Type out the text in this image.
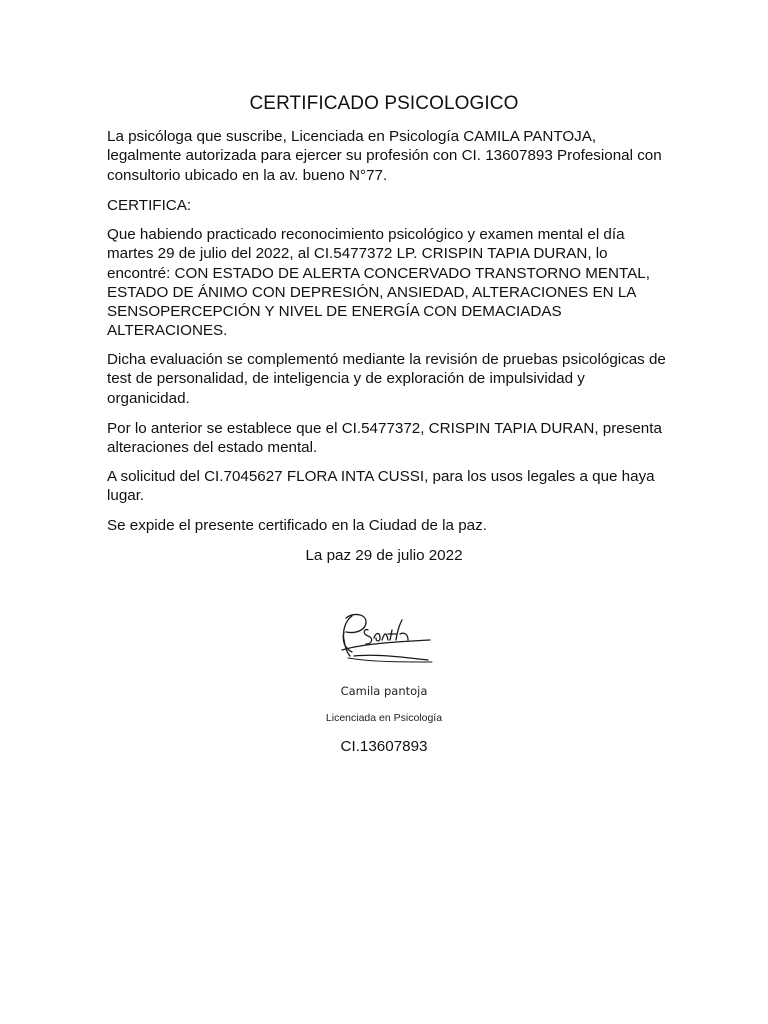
CERTIFICADO PSICOLOGICO
La psicóloga que suscribe, Licenciada en Psicología CAMILA PANTOJA, legalmente autorizada para ejercer su profesión con CI. 13607893 Profesional con consultorio ubicado en la av. bueno N°77.
CERTIFICA:
Que habiendo practicado reconocimiento psicológico y examen mental el día martes 29 de julio del 2022, al CI.5477372 LP. CRISPIN TAPIA DURAN, lo encontré: CON ESTADO DE ALERTA CONCERVADO TRANSTORNO MENTAL, ESTADO DE ÁNIMO CON DEPRESIÓN, ANSIEDAD, ALTERACIONES EN LA SENSOPERCEPCIÓN Y NIVEL DE ENERGÍA CON DEMACIADAS ALTERACIONES.
Dicha evaluación se complementó mediante la revisión de pruebas psicológicas de test de personalidad, de inteligencia y de exploración de impulsividad y organicidad.
Por lo anterior se establece que el CI.5477372, CRISPIN TAPIA DURAN, presenta alteraciones del estado mental.
A solicitud del CI.7045627 FLORA INTA CUSSI, para los usos legales a que haya lugar.
Se expide el presente certificado en la Ciudad de la paz.
La paz 29 de julio 2022
Camila pantoja
Licenciada en Psicología
CI.13607893
